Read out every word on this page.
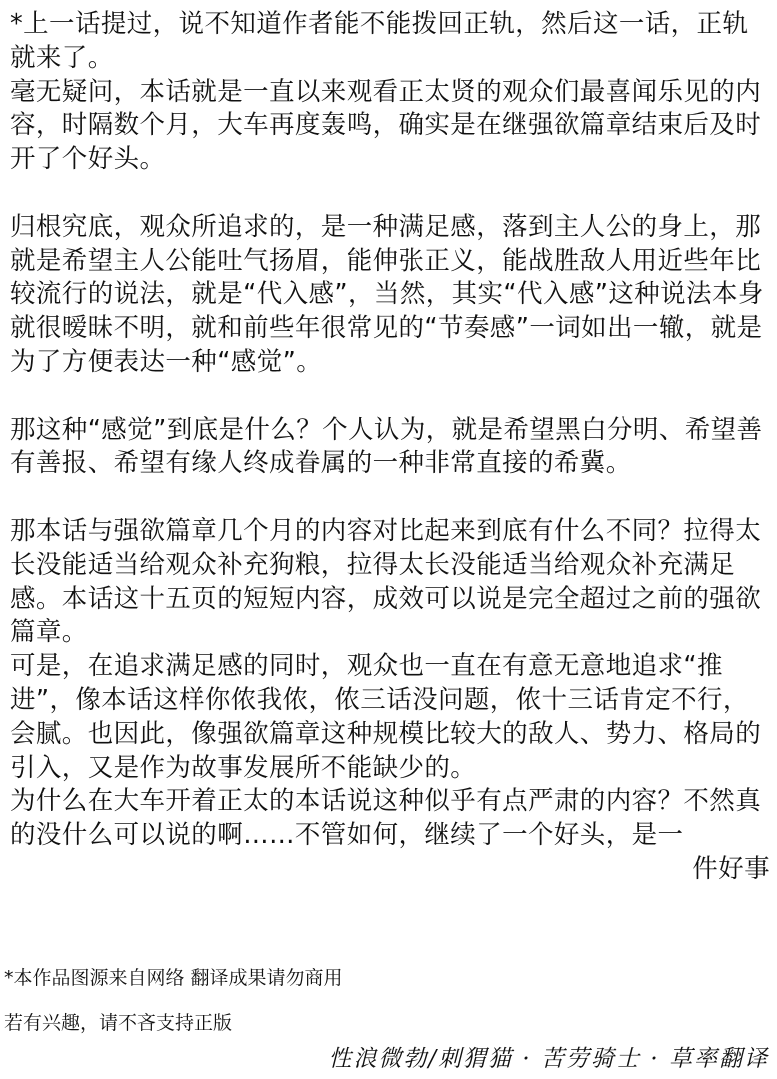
*上一话提过，说不知道作者能不能拨回正轨，然后这一话，正轨就来了。

毫无疑问，本话就是一直以来观看正太贤的观众们最喜闻乐见的内容，时隔数个月，大车再度轰鸣，确实是在继强欲篇章结束后及时开了个好头。

归根究底，观众所追求的，是一种满足感，落到主人公的身上，那就是希望主人公能吐气扬眉，能伸张正义，能战胜敌人用近些年比较流行的说法，就是“代入感”，当然，其实“代入感”这种说法本身就很暧昧不明，就和前些年很常见的“节奏感”一词如出一辙，就是为了方便表达一种“感觉”。

那这种“感觉”到底是什么？个人认为，就是希望黑白分明、希望善有善报、希望有缘人终成眷属的一种非常直接的希冀。

那本话与强欲篇章几个月的内容对比起来到底有什么不同？拉得太长没能适当给观众补充狗粮，拉得太长没能适当给观众补充满足感。本话这十五页的短短内容，成效可以说是完全超过之前的强欲篇章。

可是，在追求满足感的同时，观众也一直在有意无意地追求“推进”，像本话这样你侬我侬，侬三话没问题，侬十三话肯定不行，会腻。也因此，像强欲篇章这种规模比较大的敌人、势力、格局的引入，又是作为故事发展所不能缺少的。

为什么在大车开着正太的本话说这种似乎有点严肃的内容？不然真的没什么可以说的啊……不管如何，继续了一个好头，是一

件好事

*本作品图源来自网络 翻译成果请勿商用
若有兴趣，请不吝支持正版
性浪微勃/刺猬猫 · 苦劳骑士 · 草率翻译
